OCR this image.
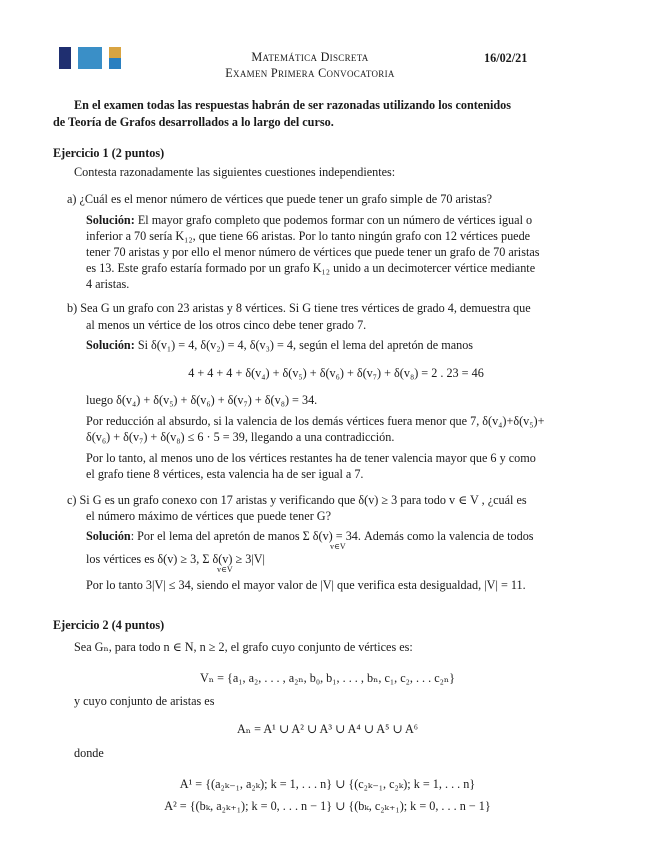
Matemática Discreta
Examen Primera Convocatoria
16/02/21
En el examen todas las respuestas habrán de ser razonadas utilizando los contenidos
de Teoría de Grafos desarrollados a lo largo del curso.
Ejercicio 1 (2 puntos)
Contesta razonadamente las siguientes cuestiones independientes:
a) ¿Cuál es el menor número de vértices que puede tener un grafo simple de 70 aristas?
Solución: El mayor grafo completo que podemos formar con un número de vértices igual o
inferior a 70 sería K₁₂, que tiene 66 aristas. Por lo tanto ningún grafo con 12 vértices puede
tener 70 aristas y por ello el menor número de vértices que puede tener un grafo de 70 aristas
es 13. Este grafo estaría formado por un grafo K₁₂ unido a un decimotercer vértice mediante
4 aristas.
b) Sea G un grafo con 23 aristas y 8 vértices. Si G tiene tres vértices de grado 4, demuestra que
al menos un vértice de los otros cinco debe tener grado 7.
Solución: Si δ(v₁) = 4, δ(v₂) = 4, δ(v₃) = 4, según el lema del apretón de manos
4 + 4 + 4 + δ(v₄) + δ(v₅) + δ(v₆) + δ(v₇) + δ(v₈) = 2 . 23 = 46
luego δ(v₄) + δ(v₅) + δ(v₆) + δ(v₇) + δ(v₈) = 34.
Por reducción al absurdo, si la valencia de los demás vértices fuera menor que 7, δ(v₄)+δ(v₅)+
δ(v₆) + δ(v₇) + δ(v₈) ≤ 6 · 5 = 39, llegando a una contradicción.
Por lo tanto, al menos uno de los vértices restantes ha de tener valencia mayor que 6 y como
el grafo tiene 8 vértices, esta valencia ha de ser igual a 7.
c) Si G es un grafo conexo con 17 aristas y verificando que δ(v) ≥ 3 para todo v ∈ V , ¿cuál es
el número máximo de vértices que puede tener G?
Solución: Por el lema del apretón de manos Σ δ(v) = 34. Además como la valencia de todos
v∈V
los vértices es δ(v) ≥ 3, Σ δ(v) ≥ 3|V|
v∈V
Por lo tanto 3|V| ≤ 34, siendo el mayor valor de |V| que verifica esta desigualdad, |V| = 11.
Ejercicio 2 (4 puntos)
Sea Gₙ, para todo n ∈ N, n ≥ 2, el grafo cuyo conjunto de vértices es:
Vₙ = {a₁, a₂, . . . , a₂ₙ, b₀, b₁, . . . , bₙ, c₁, c₂, . . . c₂ₙ}
y cuyo conjunto de aristas es
Aₙ = A¹ ∪ A² ∪ A³ ∪ A⁴ ∪ A⁵ ∪ A⁶
donde
A¹ = {(a₂ₖ₋₁, a₂ₖ); k = 1, . . . n} ∪ {(c₂ₖ₋₁, c₂ₖ); k = 1, . . . n}
A² = {(bₖ, a₂ₖ₊₁); k = 0, . . . n − 1} ∪ {(bₖ, c₂ₖ₊₁); k = 0, . . . n − 1}
